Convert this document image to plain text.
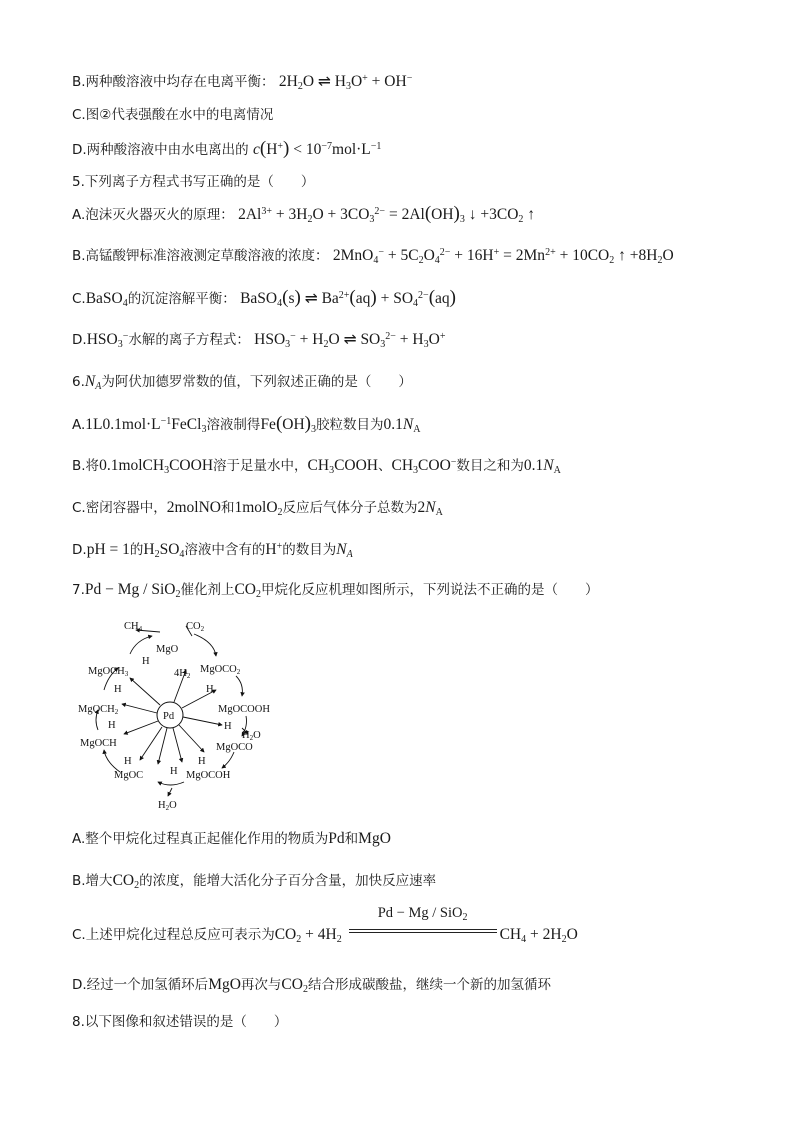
B.两种酸溶液中均存在电离平衡： $2H_2O$ ⇌ $H_3O^+ + OH^-$
C.图②代表强酸在水中的电离情况
D.两种酸溶液中由水电离出的 $c(H^+) < 10^{-7}mol\cdot L^{-1}$
5.下列离子方程式书写正确的是（　　）
A.泡沫灭火器灭火的原理： $2Al^{3+} + 3H_2O + 3CO_3^{2-} = 2Al(OH)_3$ ↓ $+3CO_2$ ↑
B.高锰酸钾标准溶液测定草酸溶液的浓度： $2MnO_4^- + 5C_2O_4^{2-} + 16H^+ = 2Mn^{2+} + 10CO_2$ ↑ $+8H_2O$
C.BaSO$_4$的沉淀溶解平衡： BaSO$_4$(s) ⇌ $Ba^{2+}(aq) + SO_4^{2-}(aq)$
$D.HSO_3^-$水解的离子方程式： $HSO_3^- + H_2O$ ⇌ $SO_3^{2-} + H_3O^+$
$6.N_A$为阿伏加德罗常数的值，下列叙述正确的是（　　）
$A.1L0.1mol\cdot L^{-1}FeCl_3$溶液制得$Fe(OH)_3$胶粒数目为$0.1N_A$
B.将0.1molCH$_3$COOH溶于足量水中，$CH_3COOH$、$CH_3COO^-$数目之和为$0.1N_A$
C.密闭容器中，2molNO和1molO$_2$反应后气体分子总数为$2N_A$
D.pH = 1的$H_2SO_4$溶液中含有的H+的数目为$N_A$
7.Pd − Mg / SiO$_2$催化剂上$CO_2$甲烷化反应机理如图所示，下列说法不正确的是（　　）
Pd
CH4	CO2
MgO
H
MgOCH3	4H2
MgOCO2
H	H
MgOCH2	MgOCOOH
H	H
H2O
MgOCH	MgOCO
H
H
H
MgOC	MgOCOH
H2O
A.整个甲烷化过程真正起催化作用的物质为Pd和MgO
B.增大$CO_2$的浓度，能增大活化分子百分含量，加快反应速率
C.上述甲烷化过程总反应可表示为$CO_2 + 4H_2$
Pd − Mg / SiO$_2$
$CH_4 + 2H_2O$
D.经过一个加氢循环后MgO再次与$CO_2$结合形成碳酸盐，继续一个新的加氢循环
8.以下图像和叙述错误的是（　　）
